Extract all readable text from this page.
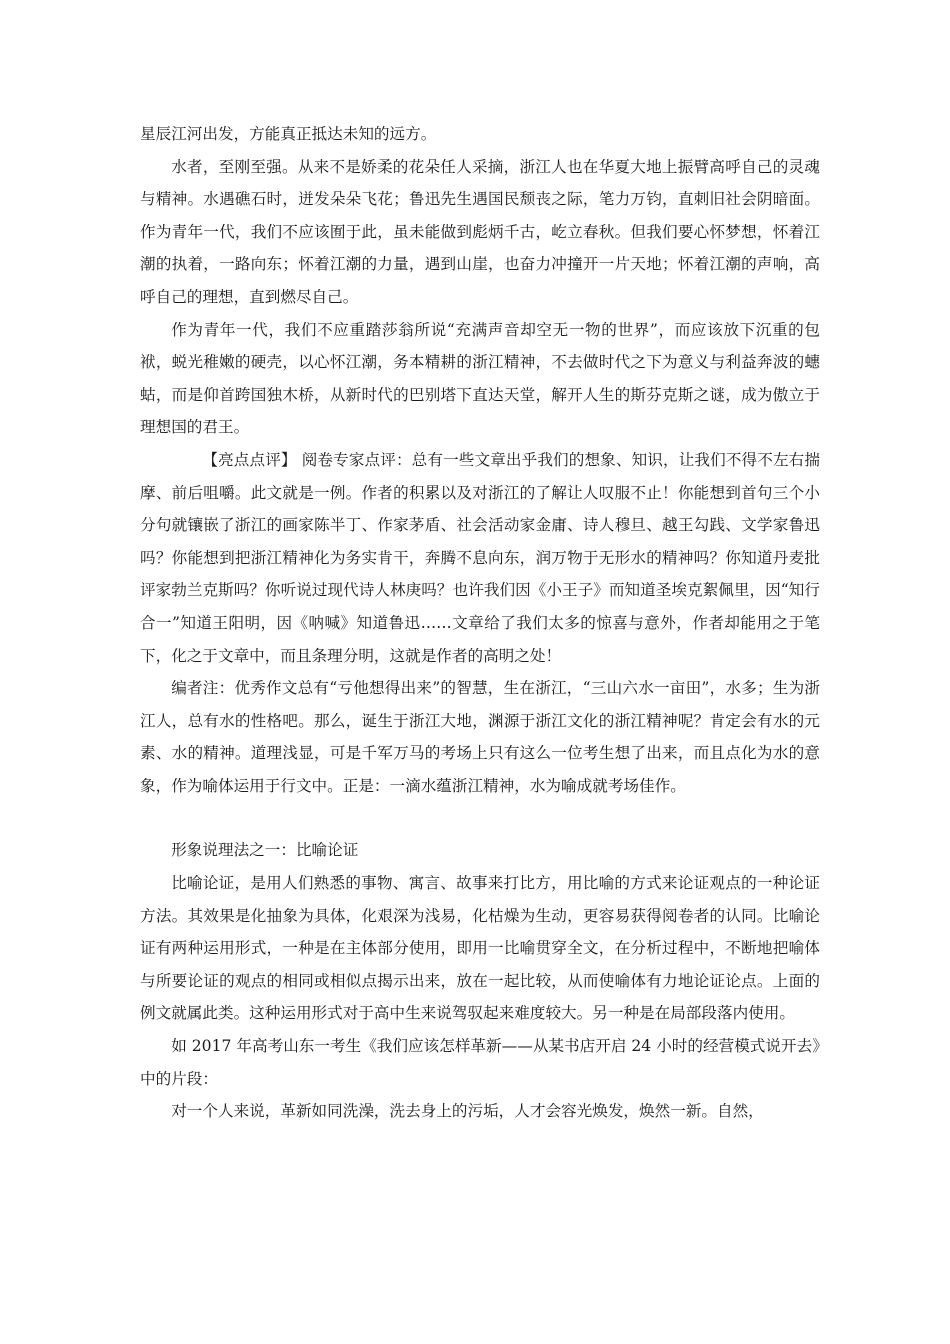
星辰江河出发，方能真正抵达未知的远方。

水者，至刚至强。从来不是娇柔的花朵任人采摘，浙江人也在华夏大地上振臂高呼自己的灵魂与精神。水遇礁石时，迸发朵朵飞花；鲁迅先生遇国民颓丧之际，笔力万钧，直刺旧社会阴暗面。作为青年一代，我们不应该囿于此，虽未能做到彪炳千古，屹立春秋。但我们要心怀梦想，怀着江潮的执着，一路向东；怀着江潮的力量，遇到山崖，也奋力冲撞开一片天地；怀着江潮的声响，高呼自己的理想，直到燃尽自己。

作为青年一代，我们不应重踏莎翁所说“充满声音却空无一物的世界”，而应该放下沉重的包袱，蜕光稚嫩的硬壳，以心怀江潮，务本精耕的浙江精神，不去做时代之下为意义与利益奔波的蟪蛄，而是仰首跨国独木桥，从新时代的巴别塔下直达天堂，解开人生的斯芬克斯之谜，成为傲立于理想国的君王。

【亮点点评】 阅卷专家点评：总有一些文章出乎我们的想象、知识，让我们不得不左右揣摩、前后咀嚼。此文就是一例。作者的积累以及对浙江的了解让人叹服不止！你能想到首句三个小分句就镶嵌了浙江的画家陈半丁、作家茅盾、社会活动家金庸、诗人穆旦、越王勾践、文学家鲁迅吗？你能想到把浙江精神化为务实肯干，奔腾不息向东，润万物于无形水的精神吗？你知道丹麦批评家勃兰克斯吗？你听说过现代诗人林庚吗？也许我们因《小王子》而知道圣埃克絮佩里，因“知行合一”知道王阳明，因《呐喊》知道鲁迅……文章给了我们太多的惊喜与意外，作者却能用之于笔下，化之于文章中，而且条理分明，这就是作者的高明之处！

编者注：优秀作文总有“亏他想得出来”的智慧，生在浙江，“三山六水一亩田”，水多；生为浙江人，总有水的性格吧。那么，诞生于浙江大地，渊源于浙江文化的浙江精神呢？肯定会有水的元素、水的精神。道理浅显，可是千军万马的考场上只有这么一位考生想了出来，而且点化为水的意象，作为喻体运用于行文中。正是：一滴水蕴浙江精神，水为喻成就考场佳作。

形象说理法之一：比喻论证

比喻论证，是用人们熟悉的事物、寓言、故事来打比方，用比喻的方式来论证观点的一种论证方法。其效果是化抽象为具体，化艰深为浅易，化枯燥为生动，更容易获得阅卷者的认同。比喻论证有两种运用形式，一种是在主体部分使用，即用一比喻贯穿全文，在分析过程中，不断地把喻体与所要论证的观点的相同或相似点揭示出来，放在一起比较，从而使喻体有力地论证论点。上面的例文就属此类。这种运用形式对于高中生来说驾驭起来难度较大。另一种是在局部段落内使用。

如 2017 年高考山东一考生《我们应该怎样革新——从某书店开启 24 小时的经营模式说开去》中的片段：

对一个人来说，革新如同洗澡，洗去身上的污垢，人才会容光焕发，焕然一新。自然，
